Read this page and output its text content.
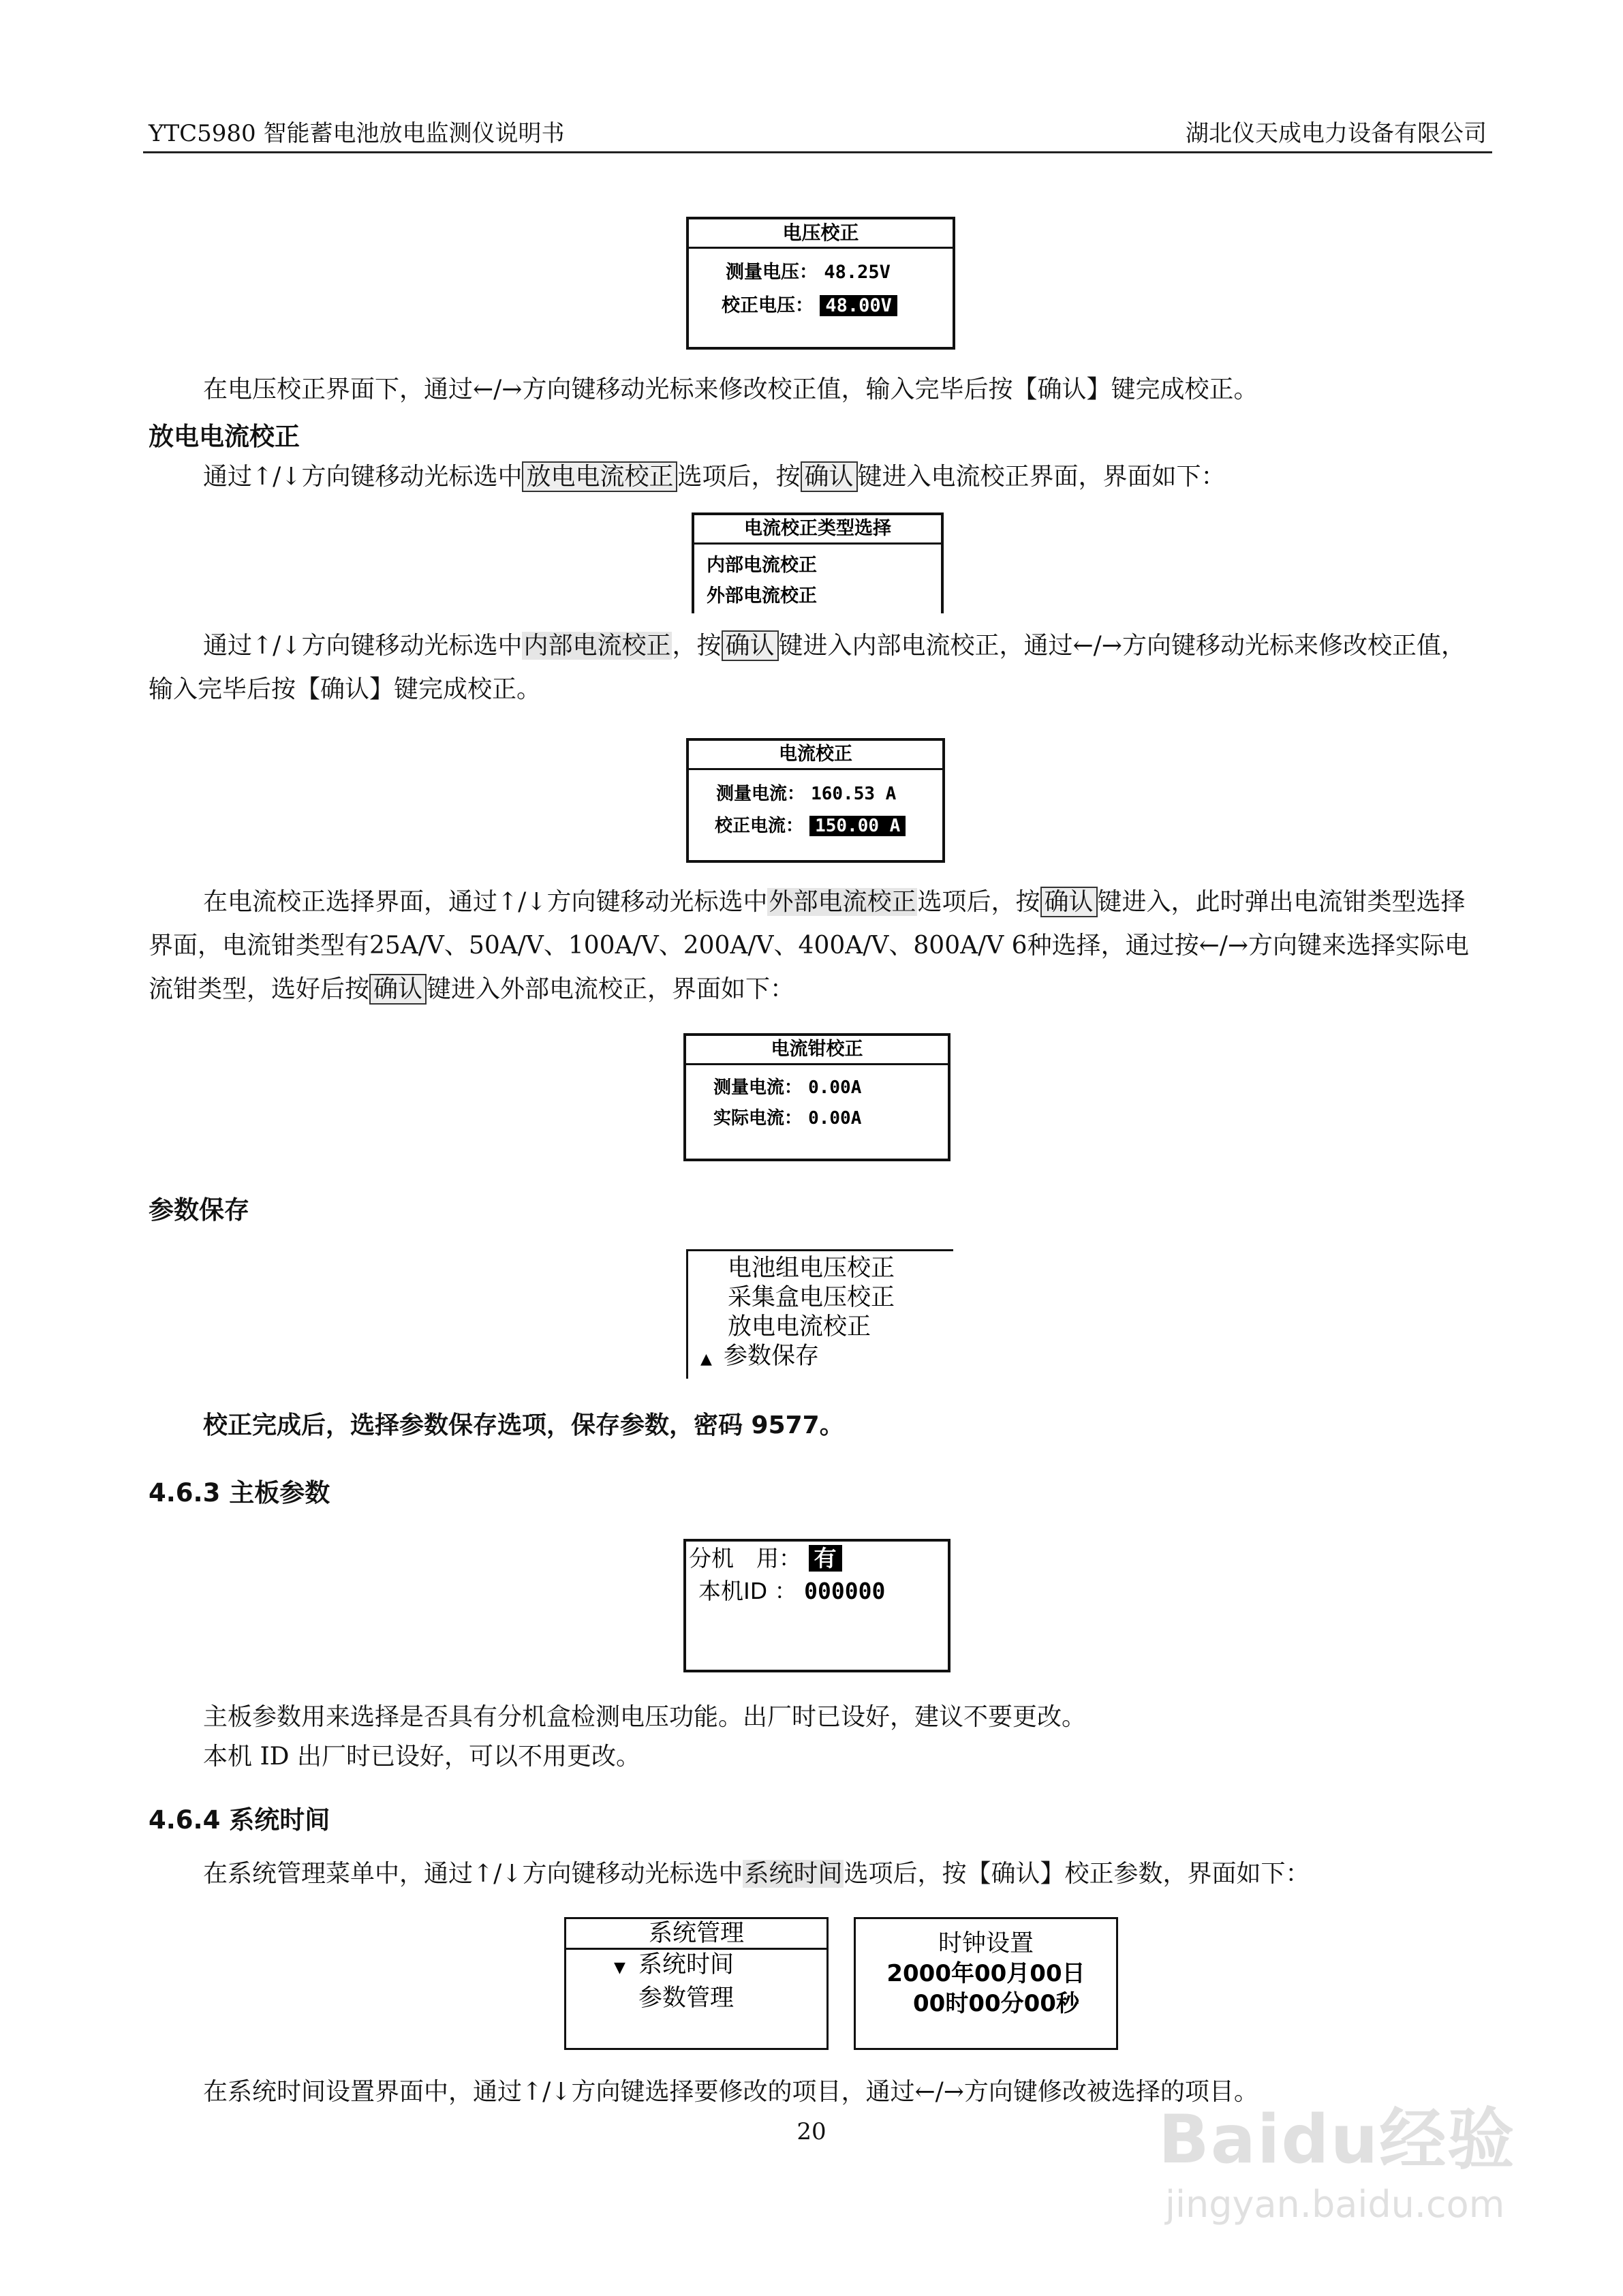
YTC5980 智能蓄电池放电监测仪说明书	湖北仪天成电力设备有限公司
电压校正
测量电压： 48.25V
校正电压： 48.00V
在电压校正界面下，通过←/→方向键移动光标来修改校正值，输入完毕后按【确认】键完成校正。
放电电流校正
通过↑/↓方向键移动光标选中 放电电流校正 选项后，按 确认 键进入电流校正界面，界面如下：
电流校正类型选择
内部电流校正
外部电流校正
通过↑/↓方向键移动光标选中内部电流校正，按 确认 键进入内部电流校正，通过←/→方向键移动光标来修改校正值，输入完毕后按【确认】键完成校正。
电流校正
测量电流： 160.53 A
校正电流： 150.00 A
在电流校正选择界面，通过↑/↓方向键移动光标选中外部电流校正选项后，按 确认 键进入，此时弹出电流钳类型选择界面，电流钳类型有25A/V、50A/V、100A/V、200A/V、400A/V、800A/V 6种选择，通过按←/→方向键来选择实际电流钳类型，选好后按 确认 键进入外部电流校正，界面如下：
电流钳校正
测量电流： 0.00A
实际电流： 0.00A
参数保存
电池组电压校正
采集盒电压校正
放电电流校正
▲ 参数保存
校正完成后，选择参数保存选项，保存参数，密码 9577。
4.6.3 主板参数
分机　用： 有
本机ID ： 000000
主板参数用来选择是否具有分机盒检测电压功能。出厂时已设好，建议不要更改。
本机 ID 出厂时已设好，可以不用更改。
4.6.4 系统时间
在系统管理菜单中，通过↑/↓方向键移动光标选中系统时间选项后，按【确认】校正参数，界面如下：
系统管理
▼ 系统时间
参数管理
时钟设置
2000年00月00日
00时00分00秒
在系统时间设置界面中，通过↑/↓方向键选择要修改的项目，通过←/→方向键修改被选择的项目。
20	Baidu经验
jingyan.baidu.com
